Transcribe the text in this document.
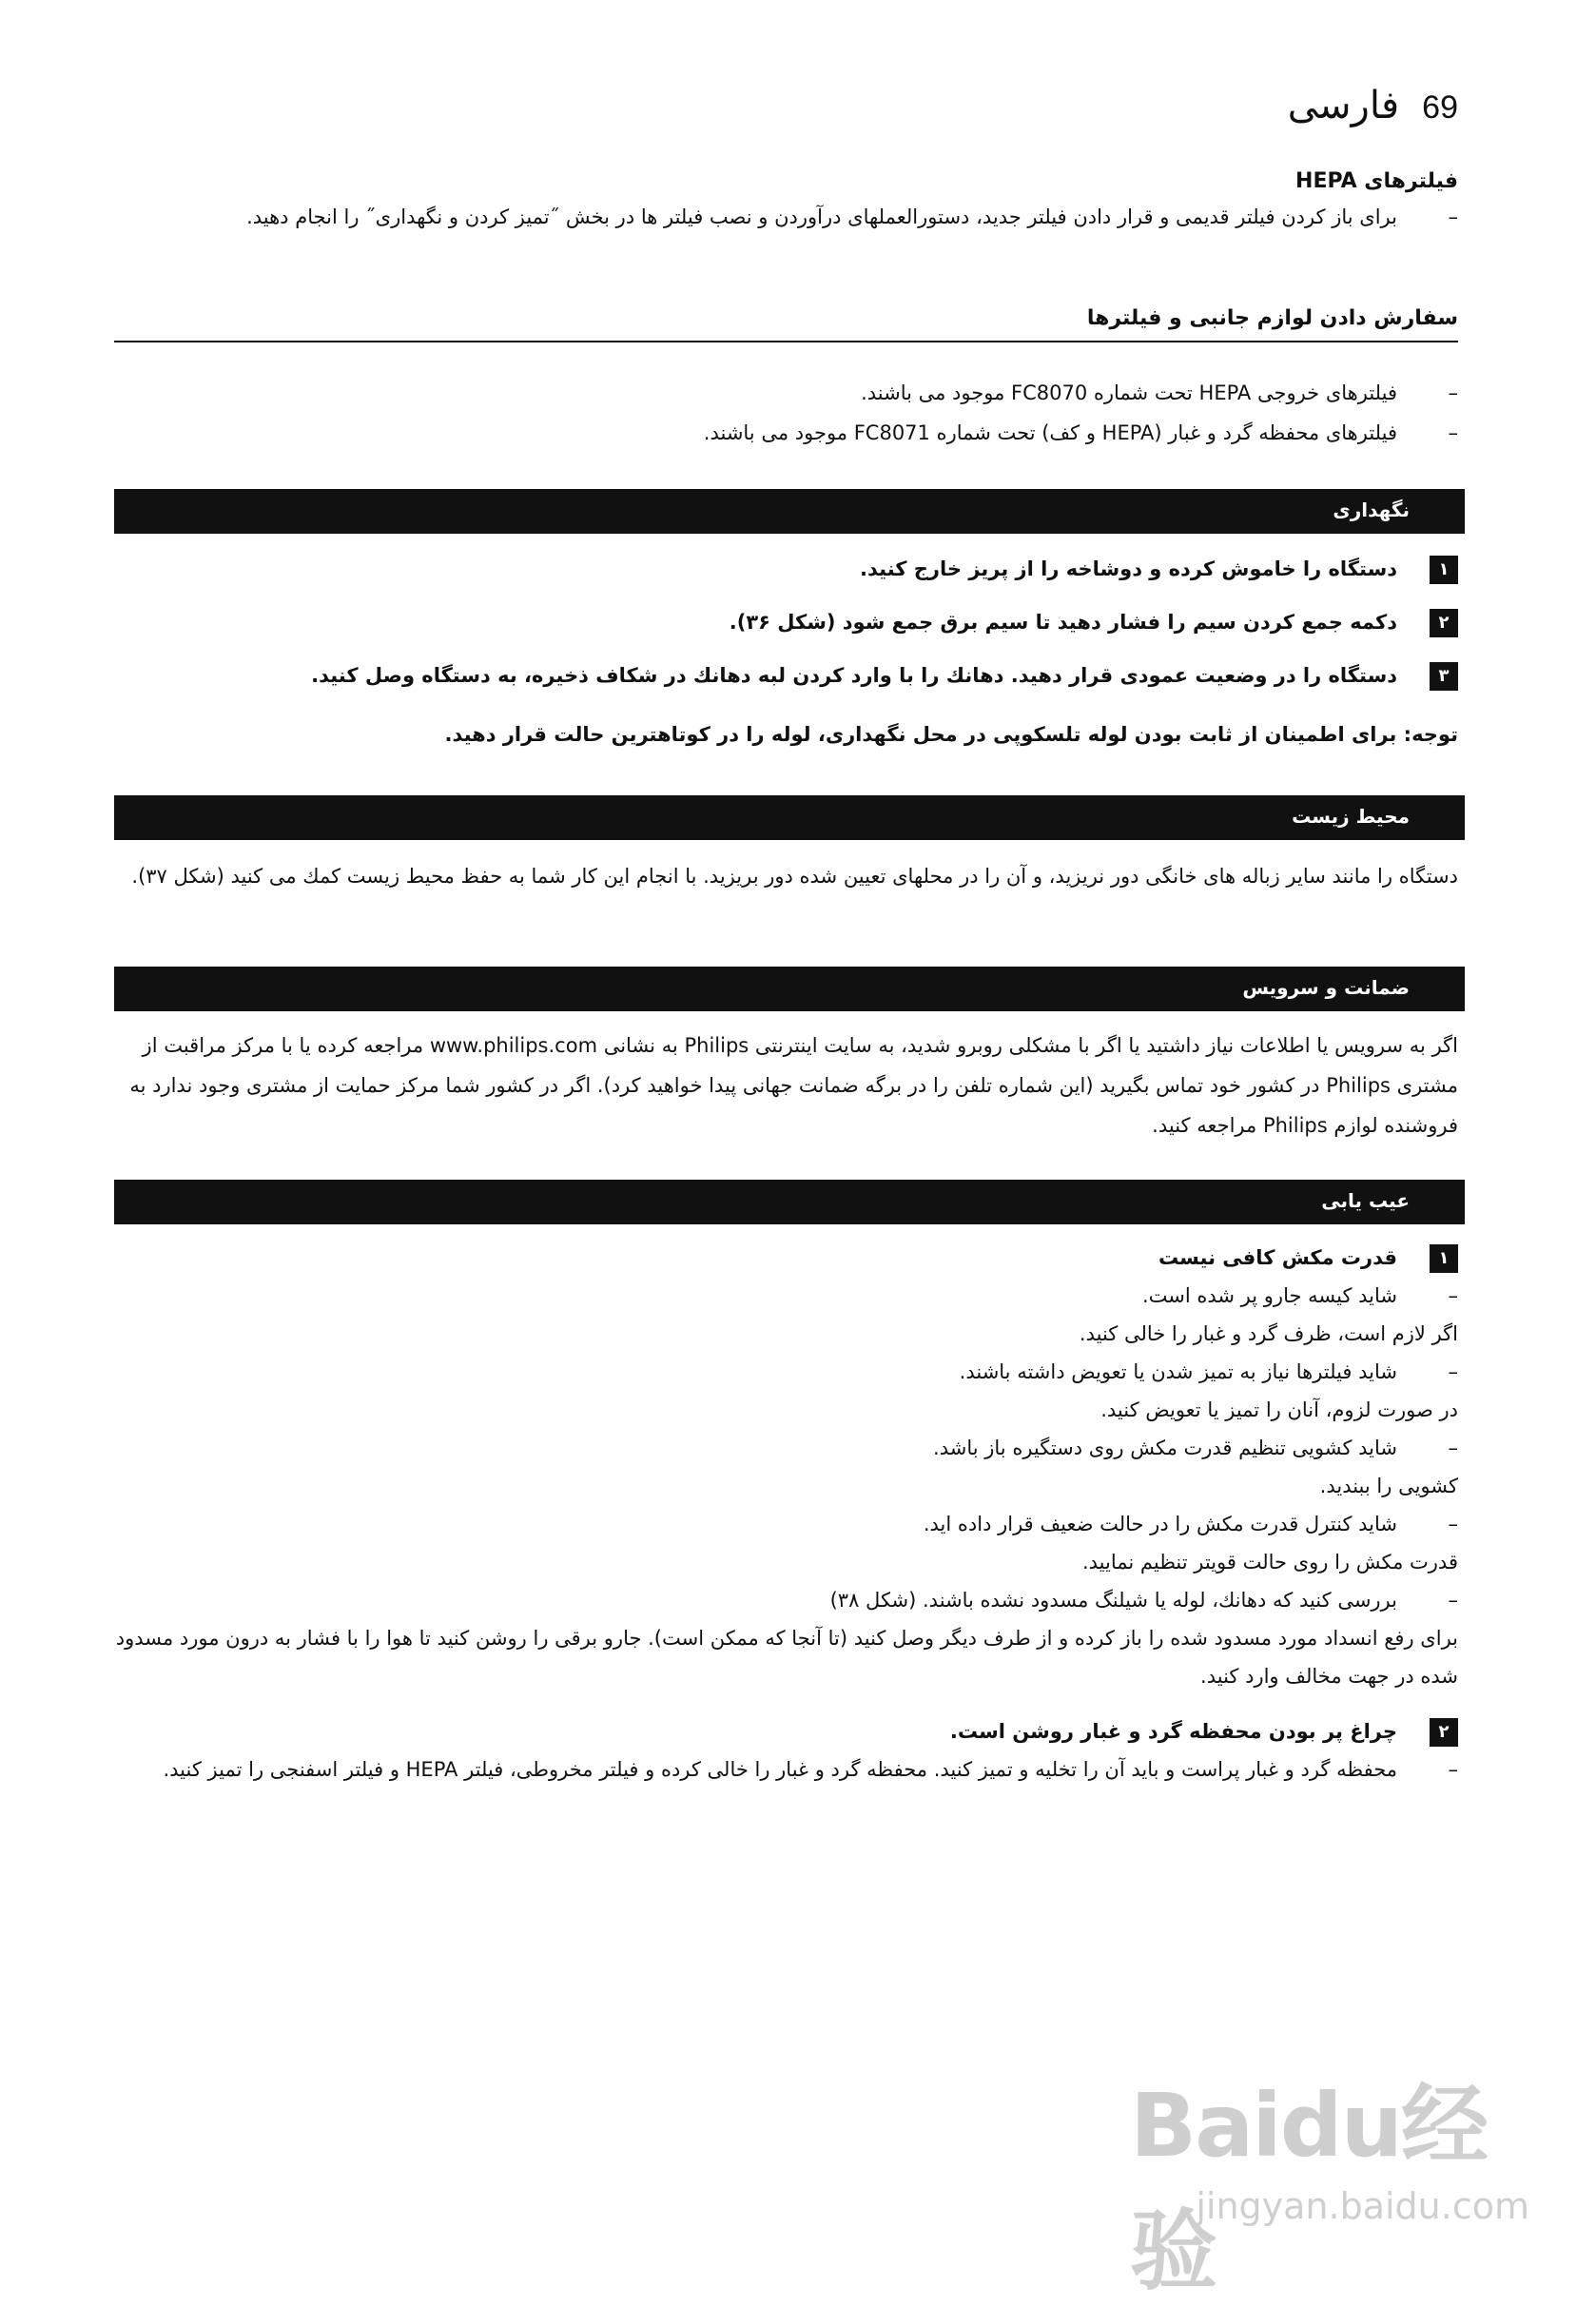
فارسی 69
فیلترهای HEPA
–
برای باز کردن فیلتر قدیمی و قرار دادن فیلتر جدید، دستورالعملهای درآوردن و نصب فیلتر ها در بخش ˝تمیز کردن و نگهداری˝ را انجام دهید.
سفارش دادن لوازم جانبی و فیلترها
–
فیلترهای خروجی HEPA تحت شماره FC8070 موجود می باشند.
–
فیلترهای محفظه گرد و غبار (HEPA و کف) تحت شماره FC8071 موجود می باشند.
نگهداری
۱
دستگاه را خاموش کرده و دوشاخه را از پریز خارج کنید.
۲
دکمه جمع کردن سیم را فشار دهید تا سیم برق جمع شود (شکل ۳۶).
۳
دستگاه را در وضعیت عمودی قرار دهید. دهانك را با وارد کردن لبه دهانك در شکاف ذخیره، به دستگاه وصل کنید.
توجه: برای اطمینان از ثابت بودن لوله تلسکوپی در محل نگهداری، لوله را در کوتاهترین حالت قرار دهید.
محیط زیست
دستگاه را مانند سایر زباله های خانگی دور نریزید، و آن را در محلهای تعیین شده دور بریزید. با انجام این کار شما به حفظ محیط زیست کمك می کنید (شکل ۳۷).
ضمانت و سرویس
اگر به سرویس یا اطلاعات نیاز داشتید یا اگر با مشکلی روبرو شدید، به سایت اینترنتی Philips به نشانی www.philips.com مراجعه کرده یا با مرکز مراقبت از مشتری Philips در کشور خود تماس بگیرید (این شماره تلفن را در برگه ضمانت جهانی پیدا خواهید کرد). اگر در کشور شما مرکز حمایت از مشتری وجود ندارد به فروشنده لوازم Philips مراجعه کنید.
عیب یابی
۱
قدرت مکش کافی نیست
–
شاید کیسه جارو پر شده است.
اگر لازم است، ظرف گرد و غبار را خالی کنید.
–
شاید فیلترها نیاز به تمیز شدن یا تعویض داشته باشند.
در صورت لزوم، آنان را تمیز یا تعویض کنید.
–
شاید کشویی تنظیم قدرت مکش روی دستگیره باز باشد.
کشویی را ببندید.
–
شاید کنترل قدرت مکش را در حالت ضعیف قرار داده اید.
قدرت مکش را روی حالت قویتر تنظیم نمایید.
–
بررسی کنید که دهانك، لوله یا شیلنگ مسدود نشده باشند. (شکل ۳۸)
برای رفع انسداد مورد مسدود شده را باز کرده و از طرف دیگر وصل کنید (تا آنجا که ممکن است). جارو برقی را روشن کنید تا هوا را با فشار به درون مورد مسدود شده در جهت مخالف وارد کنید.
۲
چراغ پر بودن محفظه گرد و غبار روشن است.
–
محفظه گرد و غبار پراست و باید آن را تخلیه و تمیز کنید. محفظه گرد و غبار را خالی کرده و فیلتر مخروطی، فیلتر HEPA و فیلتر اسفنجی را تمیز کنید.
Baidu经验
jingyan.baidu.com
